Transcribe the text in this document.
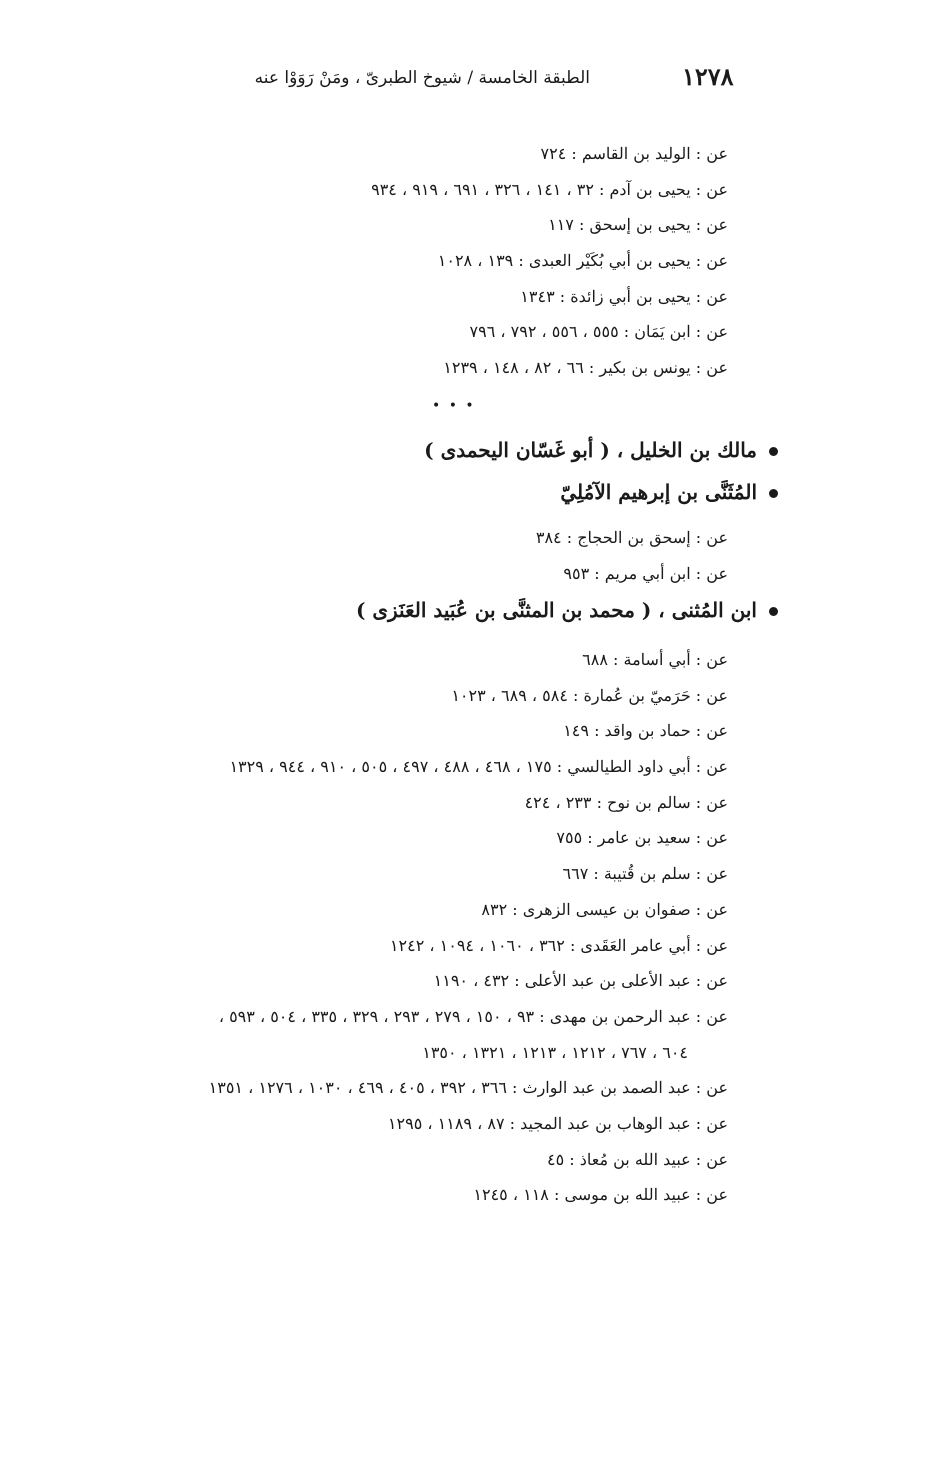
١٢٧٨
الطبقة الخامسة / شيوخ الطبرىّ ، ومَنْ رَوَوْا عنه
عن : الوليد بن القاسم : ٧٢٤
عن : يحيى بن آدم : ٣٢ ، ١٤١ ، ٣٢٦ ، ٦٩١ ، ٩١٩ ، ٩٣٤
عن : يحيى بن إسحق : ١١٧
عن : يحيى بن أبي بُكَيْر العبدى : ١٣٩ ، ١٠٢٨
عن : يحيى بن أبي زائدة : ١٣٤٣
عن : ابن يَمَان : ٥٥٥ ، ٥٥٦ ، ٧٩٢ ، ٧٩٦
عن : يونس بن بكير : ٦٦ ، ٨٢ ، ١٤٨ ، ١٢٣٩
• • •
مالك بن الخليل ، ( أبو غَسّان اليحمدى )
المُثَنَّى بن إبرهيم الآمُلِيّ
عن : إسحق بن الحجاج : ٣٨٤
عن : ابن أبي مريم : ٩٥٣
ابن المُثنى ، ( محمد بن المثنَّى بن عُبَيد العَنَزى )
عن : أبي أسامة : ٦٨٨
عن : حَرَميّ بن عُمارة : ٥٨٤ ، ٦٨٩ ، ١٠٢٣
عن : حماد بن واقد : ١٤٩
عن : أبي داود الطيالسي : ١٧٥ ، ٤٦٨ ، ٤٨٨ ، ٤٩٧ ، ٥٠٥ ، ٩١٠ ، ٩٤٤ ، ١٣٢٩
عن : سالم بن نوح : ٢٣٣ ، ٤٢٤
عن : سعيد بن عامر : ٧٥٥
عن : سلم بن قُتيبة : ٦٦٧
عن : صفوان بن عيسى الزهرى : ٨٣٢
عن : أبي عامر العَقَدى : ٣٦٢ ، ١٠٦٠ ، ١٠٩٤ ، ١٢٤٢
عن : عبد الأعلى بن عبد الأعلى : ٤٣٢ ، ١١٩٠
عن : عبد الرحمن بن مهدى : ٩٣ ، ١٥٠ ، ٢٧٩ ، ٢٩٣ ، ٣٢٩ ، ٣٣٥ ، ٥٠٤ ، ٥٩٣ ،
٦٠٤ ، ٧٦٧ ، ١٢١٢ ، ١٢١٣ ، ١٣٢١ ، ١٣٥٠
عن : عبد الصمد بن عبد الوارث : ٣٦٦ ، ٣٩٢ ، ٤٠٥ ، ٤٦٩ ، ١٠٣٠ ، ١٢٧٦ ، ١٣٥١
عن : عبد الوهاب بن عبد المجيد : ٨٧ ، ١١٨٩ ، ١٢٩٥
عن : عبيد الله بن مُعاذ : ٤٥
عن : عبيد الله بن موسى : ١١٨ ، ١٢٤٥
